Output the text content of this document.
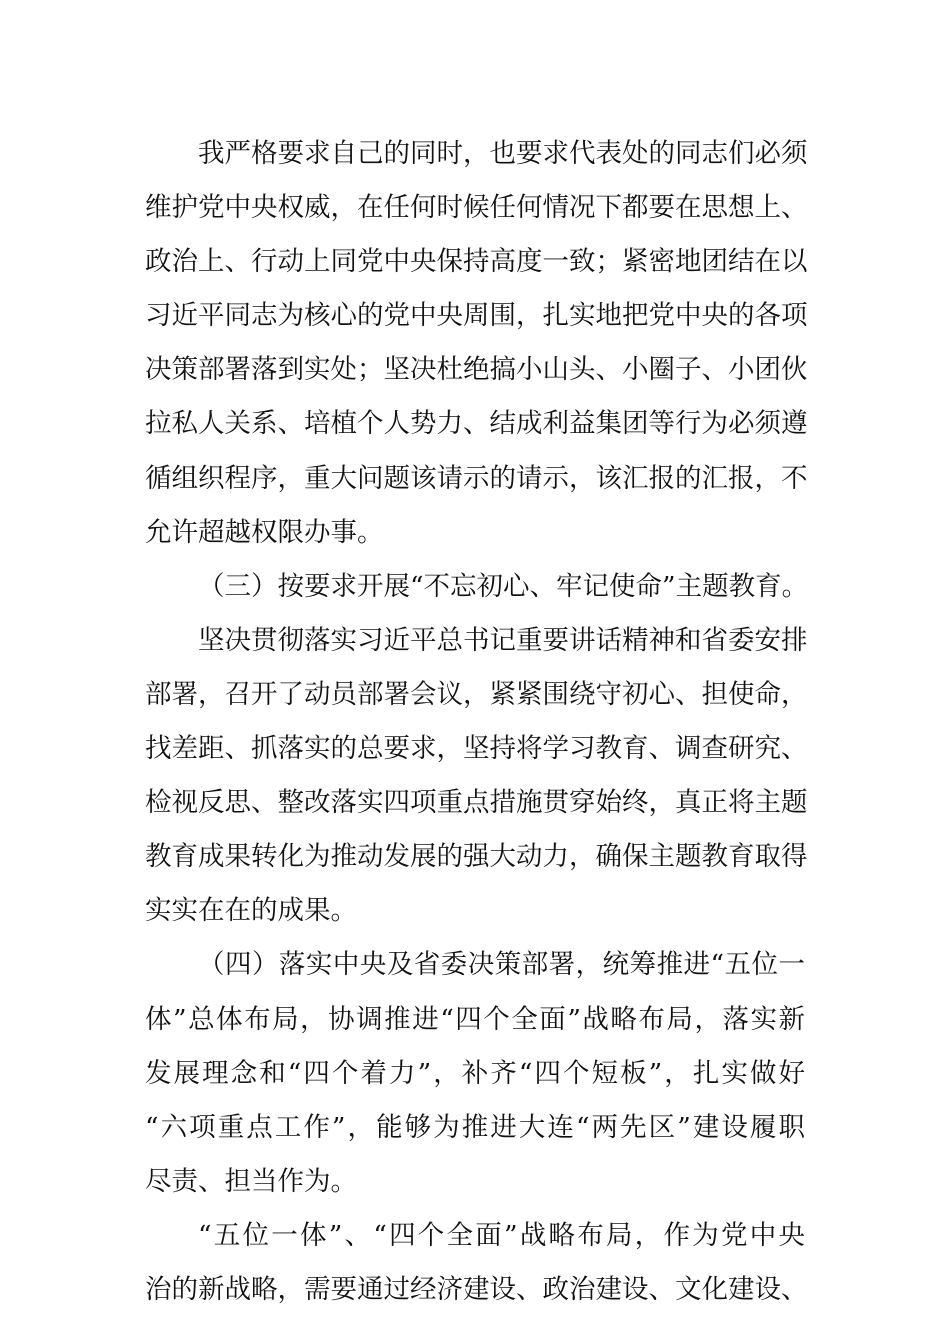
我严格要求自己的同时，也要求代表处的同志们必须
维护党中央权威，在任何时候任何情况下都要在思想上、
政治上、行动上同党中央保持高度一致；紧密地团结在以
习近平同志为核心的党中央周围，扎实地把党中央的各项
决策部署落到实处；坚决杜绝搞小山头、小圈子、小团伙
拉私人关系、培植个人势力、结成利益集团等行为必须遵
循组织程序，重大问题该请示的请示，该汇报的汇报，不
允许超越权限办事。
（三）按要求开展“不忘初心、牢记使命”主题教育。
坚决贯彻落实习近平总书记重要讲话精神和省委安排
部署，召开了动员部署会议，紧紧围绕守初心、担使命，
找差距、抓落实的总要求，坚持将学习教育、调查研究、
检视反思、整改落实四项重点措施贯穿始终，真正将主题
教育成果转化为推动发展的强大动力，确保主题教育取得
实实在在的成果。
（四）落实中央及省委决策部署，统筹推进“五位一
体”总体布局，协调推进“四个全面”战略布局，落实新
发展理念和“四个着力”，补齐“四个短板”，扎实做好
“六项重点工作”，能够为推进大连“两先区”建设履职
尽责、担当作为。
“五位一体”、“四个全面”战略布局，作为党中央
治的新战略，需要通过经济建设、政治建设、文化建设、
